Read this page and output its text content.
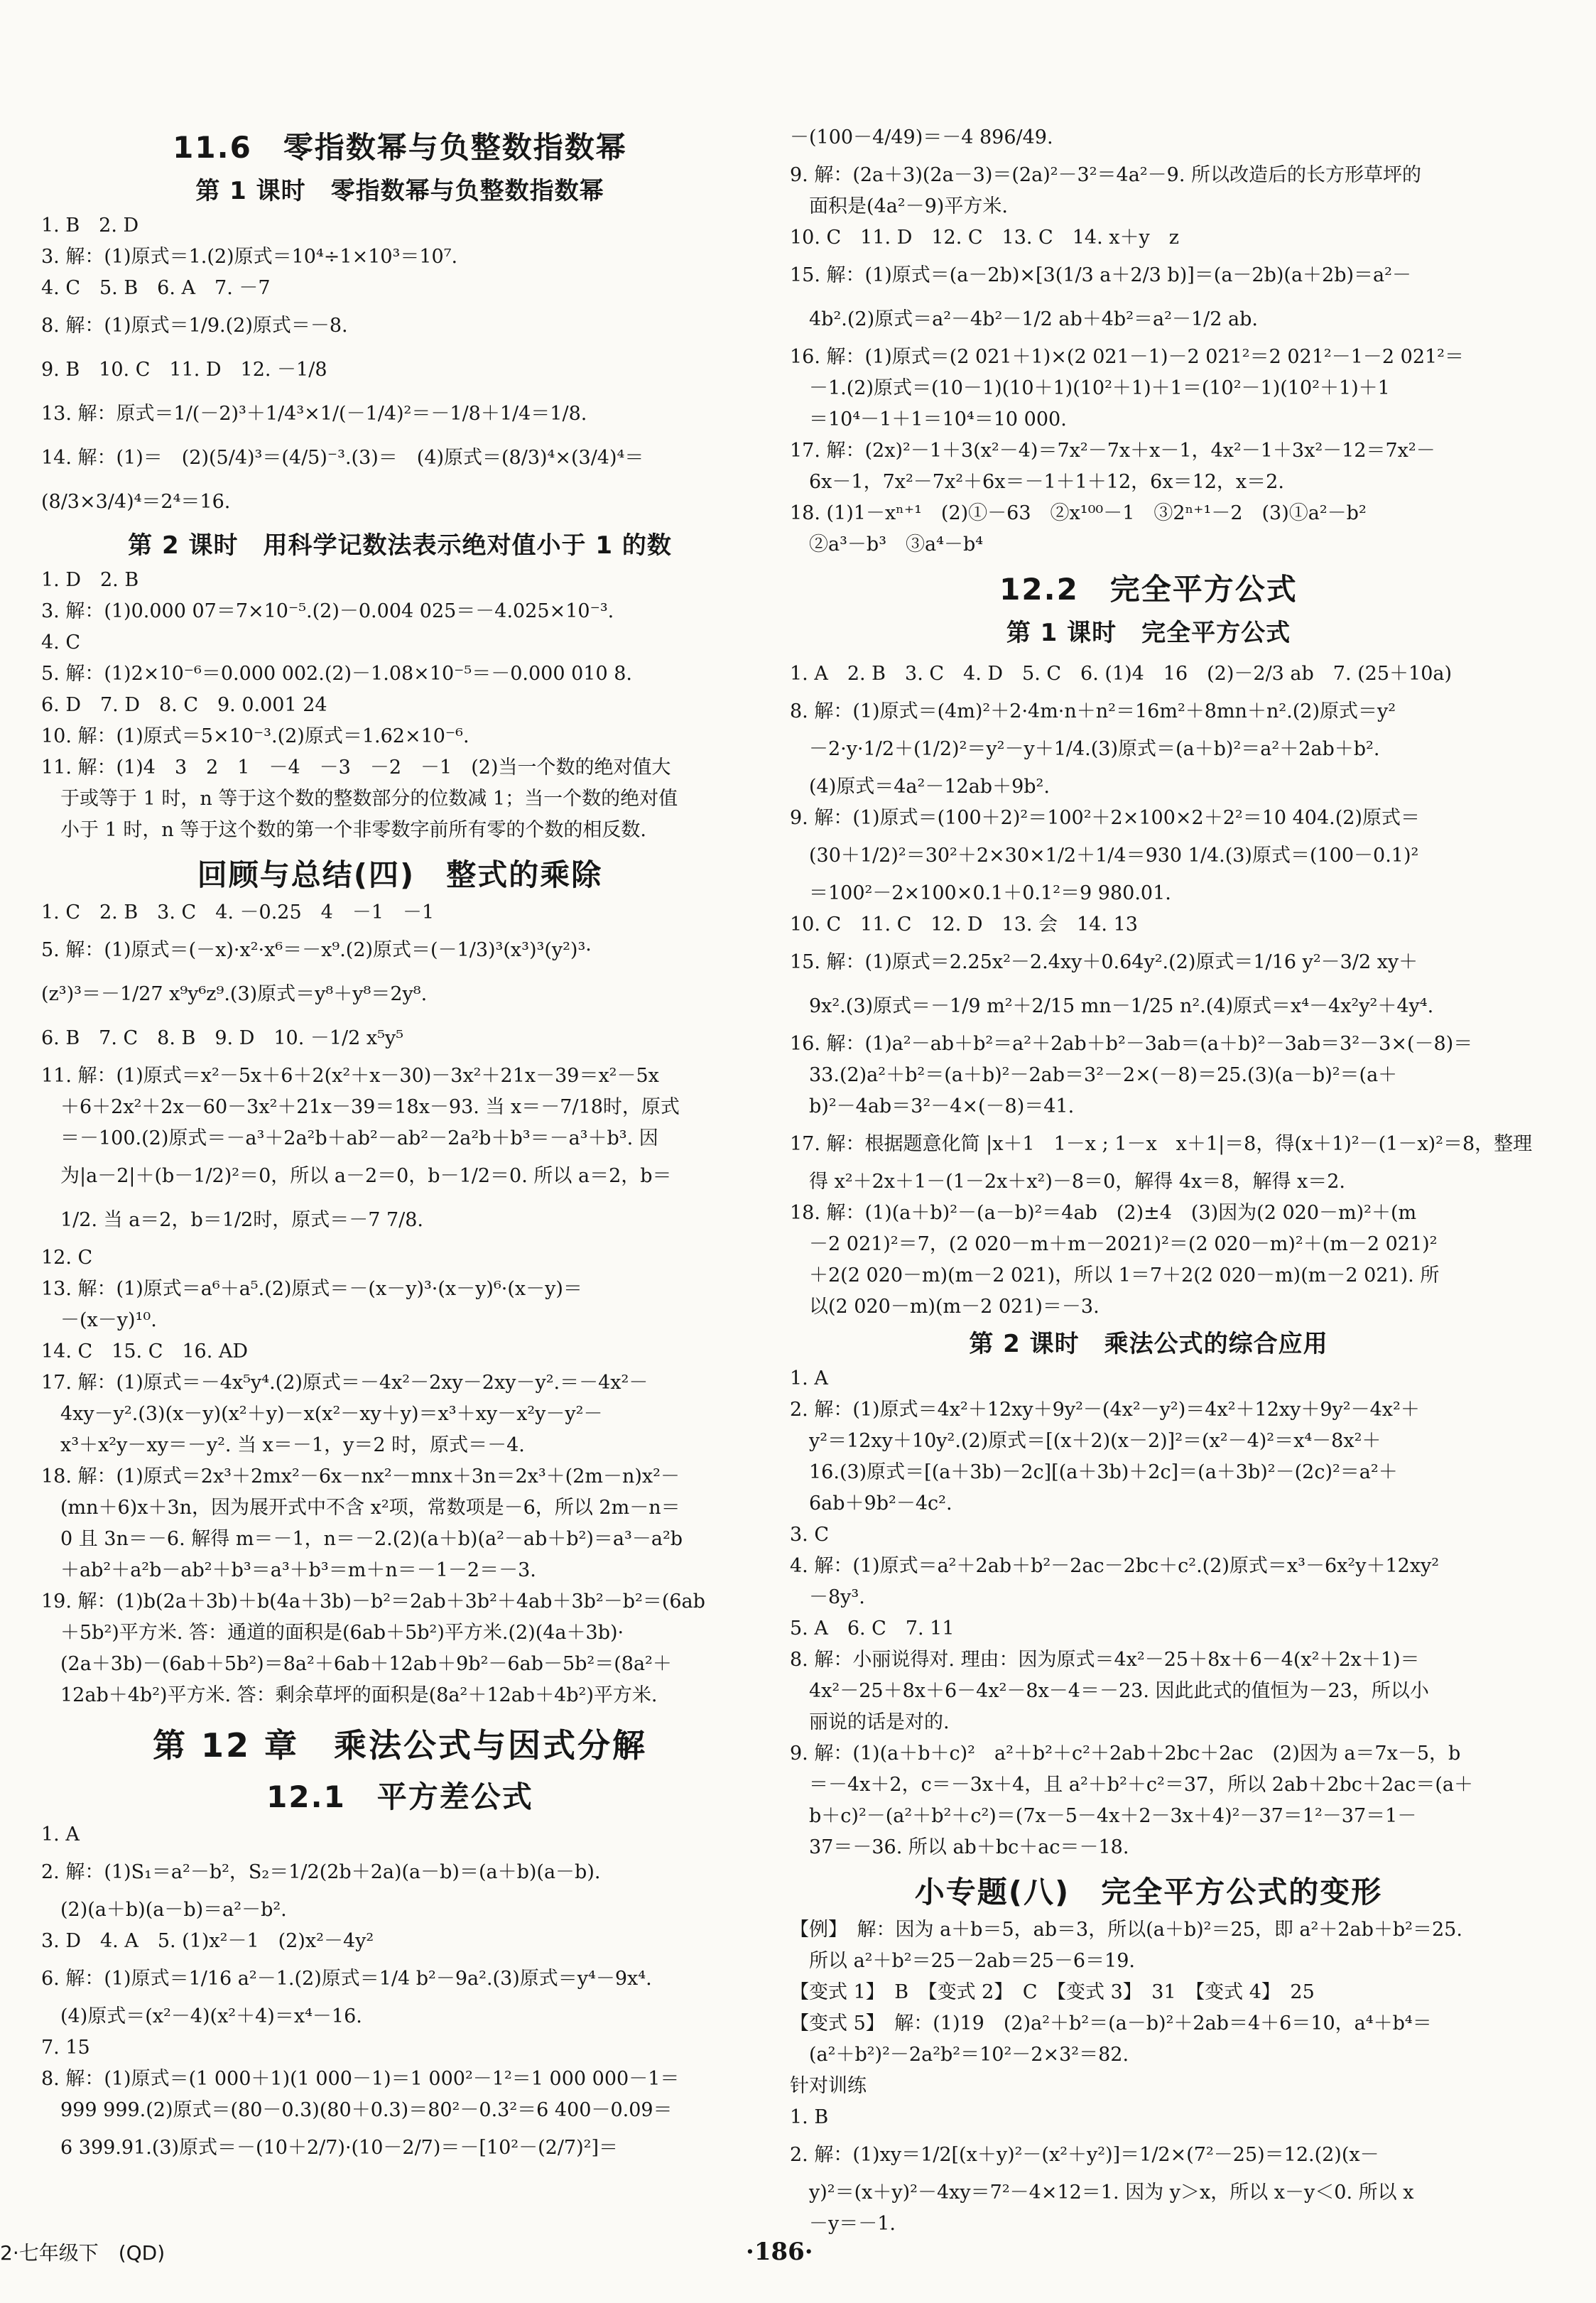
11.6　零指数幂与负整数指数幂
第 1 课时　零指数幂与负整数指数幂
1. B　2. D
3. 解：(1)原式＝1.(2)原式＝10⁴÷1×10³＝10⁷.
4. C　5. B　6. A　7. －7
8. 解：(1)原式＝1/9.(2)原式＝－8.
9. B　10. C　11. D　12. －1/8
13. 解：原式＝1/(－2)³＋1/4³×1/(－1/4)²＝－1/8＋1/4＝1/8.
14. 解：(1)＝　(2)(5/4)³＝(4/5)⁻³.(3)＝　(4)原式＝(8/3)⁴×(3/4)⁴＝
(8/3×3/4)⁴＝2⁴＝16.
第 2 课时　用科学记数法表示绝对值小于 1 的数
1. D　2. B
3. 解：(1)0.000 07＝7×10⁻⁵.(2)－0.004 025＝－4.025×10⁻³.
4. C
5. 解：(1)2×10⁻⁶＝0.000 002.(2)－1.08×10⁻⁵＝－0.000 010 8.
6. D　7. D　8. C　9. 0.001 24
10. 解：(1)原式＝5×10⁻³.(2)原式＝1.62×10⁻⁶.
11. 解：(1)4　3　2　1　－4　－3　－2　－1　(2)当一个数的绝对值大
　于或等于 1 时，n 等于这个数的整数部分的位数减 1；当一个数的绝对值
　小于 1 时，n 等于这个数的第一个非零数字前所有零的个数的相反数.
回顾与总结(四)　整式的乘除
1. C　2. B　3. C　4. －0.25　4　－1　－1
5. 解：(1)原式＝(－x)·x²·x⁶＝－x⁹.(2)原式＝(－1/3)³(x³)³(y²)³·
(z³)³＝－1/27 x⁹y⁶z⁹.(3)原式＝y⁸＋y⁸＝2y⁸.
6. B　7. C　8. B　9. D　10. －1/2 x⁵y⁵
11. 解：(1)原式＝x²－5x＋6＋2(x²＋x－30)－3x²＋21x－39＝x²－5x
　＋6＋2x²＋2x－60－3x²＋21x－39＝18x－93. 当 x＝－7/18时，原式
　＝－100.(2)原式＝－a³＋2a²b＋ab²－ab²－2a²b＋b³＝－a³＋b³. 因
　为|a－2|＋(b－1/2)²＝0，所以 a－2＝0，b－1/2＝0. 所以 a＝2，b＝
　1/2. 当 a＝2，b＝1/2时，原式＝－7 7/8.
12. C
13. 解：(1)原式＝a⁶＋a⁵.(2)原式＝－(x－y)³·(x－y)⁶·(x－y)＝
　－(x－y)¹⁰.
14. C　15. C　16. AD
17. 解：(1)原式＝－4x⁵y⁴.(2)原式＝－4x²－2xy－2xy－y².＝－4x²－
　4xy－y².(3)(x－y)(x²＋y)－x(x²－xy＋y)＝x³＋xy－x²y－y²－
　x³＋x²y－xy＝－y². 当 x＝－1，y＝2 时，原式＝－4.
18. 解：(1)原式＝2x³＋2mx²－6x－nx²－mnx＋3n＝2x³＋(2m－n)x²－
　(mn＋6)x＋3n，因为展开式中不含 x²项，常数项是－6，所以 2m－n＝
　0 且 3n＝－6. 解得 m＝－1，n＝－2.(2)(a＋b)(a²－ab＋b²)＝a³－a²b
　＋ab²＋a²b－ab²＋b³＝a³＋b³＝m＋n＝－1－2＝－3.
19. 解：(1)b(2a＋3b)＋b(4a＋3b)－b²＝2ab＋3b²＋4ab＋3b²－b²＝(6ab
　＋5b²)平方米. 答：通道的面积是(6ab＋5b²)平方米.(2)(4a＋3b)·
　(2a＋3b)－(6ab＋5b²)＝8a²＋6ab＋12ab＋9b²－6ab－5b²＝(8a²＋
　12ab＋4b²)平方米. 答：剩余草坪的面积是(8a²＋12ab＋4b²)平方米.
第 12 章　乘法公式与因式分解
12.1　平方差公式
1. A
2. 解：(1)S₁＝a²－b²，S₂＝1/2(2b＋2a)(a－b)＝(a＋b)(a－b).
　(2)(a＋b)(a－b)＝a²－b².
3. D　4. A　5. (1)x²－1　(2)x²－4y²
6. 解：(1)原式＝1/16 a²－1.(2)原式＝1/4 b²－9a².(3)原式＝y⁴－9x⁴.
　(4)原式＝(x²－4)(x²＋4)＝x⁴－16.
7. 15
8. 解：(1)原式＝(1 000＋1)(1 000－1)＝1 000²－1²＝1 000 000－1＝
　999 999.(2)原式＝(80－0.3)(80＋0.3)＝80²－0.3²＝6 400－0.09＝
　6 399.91.(3)原式＝－(10＋2/7)·(10－2/7)＝－[10²－(2/7)²]＝
－(100－4/49)＝－4 896/49.
9. 解：(2a＋3)(2a－3)＝(2a)²－3²＝4a²－9. 所以改造后的长方形草坪的
　面积是(4a²－9)平方米.
10. C　11. D　12. C　13. C　14. x＋y　z
15. 解：(1)原式＝(a－2b)×[3(1/3 a＋2/3 b)]＝(a－2b)(a＋2b)＝a²－
　4b².(2)原式＝a²－4b²－1/2 ab＋4b²＝a²－1/2 ab.
16. 解：(1)原式＝(2 021＋1)×(2 021－1)－2 021²＝2 021²－1－2 021²＝
　－1.(2)原式＝(10－1)(10＋1)(10²＋1)＋1＝(10²－1)(10²＋1)＋1
　＝10⁴－1＋1＝10⁴＝10 000.
17. 解：(2x)²－1＋3(x²－4)＝7x²－7x＋x－1，4x²－1＋3x²－12＝7x²－
　6x－1，7x²－7x²＋6x＝－1＋1＋12，6x＝12，x＝2.
18. (1)1－xⁿ⁺¹　(2)①－63　②x¹⁰⁰－1　③2ⁿ⁺¹－2　(3)①a²－b²
　②a³－b³　③a⁴－b⁴
12.2　完全平方公式
第 1 课时　完全平方公式
1. A　2. B　3. C　4. D　5. C　6. (1)4　16　(2)－2/3 ab　7. (25＋10a)
8. 解：(1)原式＝(4m)²＋2·4m·n＋n²＝16m²＋8mn＋n².(2)原式＝y²
　－2·y·1/2＋(1/2)²＝y²－y＋1/4.(3)原式＝(a＋b)²＝a²＋2ab＋b².
　(4)原式＝4a²－12ab＋9b².
9. 解：(1)原式＝(100＋2)²＝100²＋2×100×2＋2²＝10 404.(2)原式＝
　(30＋1/2)²＝30²＋2×30×1/2＋1/4＝930 1/4.(3)原式＝(100－0.1)²
　＝100²－2×100×0.1＋0.1²＝9 980.01.
10. C　11. C　12. D　13. 会　14. 13
15. 解：(1)原式＝2.25x²－2.4xy＋0.64y².(2)原式＝1/16 y²－3/2 xy＋
　9x².(3)原式＝－1/9 m²＋2/15 mn－1/25 n².(4)原式＝x⁴－4x²y²＋4y⁴.
16. 解：(1)a²－ab＋b²＝a²＋2ab＋b²－3ab＝(a＋b)²－3ab＝3²－3×(－8)＝
　33.(2)a²＋b²＝(a＋b)²－2ab＝3²－2×(－8)＝25.(3)(a－b)²＝(a＋
　b)²－4ab＝3²－4×(－8)＝41.
17. 解：根据题意化简 |x＋1　1－x ; 1－x　x＋1|＝8，得(x＋1)²－(1－x)²＝8，整理
　得 x²＋2x＋1－(1－2x＋x²)－8＝0，解得 4x＝8，解得 x＝2.
18. 解：(1)(a＋b)²－(a－b)²＝4ab　(2)±4　(3)因为(2 020－m)²＋(m
　－2 021)²＝7，(2 020－m＋m－2021)²＝(2 020－m)²＋(m－2 021)²
　＋2(2 020－m)(m－2 021)，所以 1＝7＋2(2 020－m)(m－2 021). 所
　以(2 020－m)(m－2 021)＝－3.
第 2 课时　乘法公式的综合应用
1. A
2. 解：(1)原式＝4x²＋12xy＋9y²－(4x²－y²)＝4x²＋12xy＋9y²－4x²＋
　y²＝12xy＋10y².(2)原式＝[(x＋2)(x－2)]²＝(x²－4)²＝x⁴－8x²＋
　16.(3)原式＝[(a＋3b)－2c][(a＋3b)＋2c]＝(a＋3b)²－(2c)²＝a²＋
　6ab＋9b²－4c².
3. C
4. 解：(1)原式＝a²＋2ab＋b²－2ac－2bc＋c².(2)原式＝x³－6x²y＋12xy²
　－8y³.
5. A　6. C　7. 11
8. 解：小丽说得对. 理由：因为原式＝4x²－25＋8x＋6－4(x²＋2x＋1)＝
　4x²－25＋8x＋6－4x²－8x－4＝－23. 因此此式的值恒为－23，所以小
　丽说的话是对的.
9. 解：(1)(a＋b＋c)²　a²＋b²＋c²＋2ab＋2bc＋2ac　(2)因为 a＝7x－5，b
　＝－4x＋2，c＝－3x＋4，且 a²＋b²＋c²＝37，所以 2ab＋2bc＋2ac＝(a＋
　b＋c)²－(a²＋b²＋c²)＝(7x－5－4x＋2－3x＋4)²－37＝1²－37＝1－
　37＝－36. 所以 ab＋bc＋ac＝－18.
小专题(八)　完全平方公式的变形
【例】　解：因为 a＋b＝5，ab＝3，所以(a＋b)²＝25，即 a²＋2ab＋b²＝25.
　所以 a²＋b²＝25－2ab＝25－6＝19.
【变式 1】　B　【变式 2】　C　【变式 3】　31　【变式 4】　25
【变式 5】　解：(1)19　(2)a²＋b²＝(a－b)²＋2ab＝4＋6＝10，a⁴＋b⁴＝
　(a²＋b²)²－2a²b²＝10²－2×3²＝82.
针对训练
1. B
2. 解：(1)xy＝1/2[(x＋y)²－(x²＋y²)]＝1/2×(7²－25)＝12.(2)(x－
　y)²＝(x＋y)²－4xy＝7²－4×12＝1. 因为 y＞x，所以 x－y＜0. 所以 x
　－y＝－1.
2·七年级下　(QD)	·186·
